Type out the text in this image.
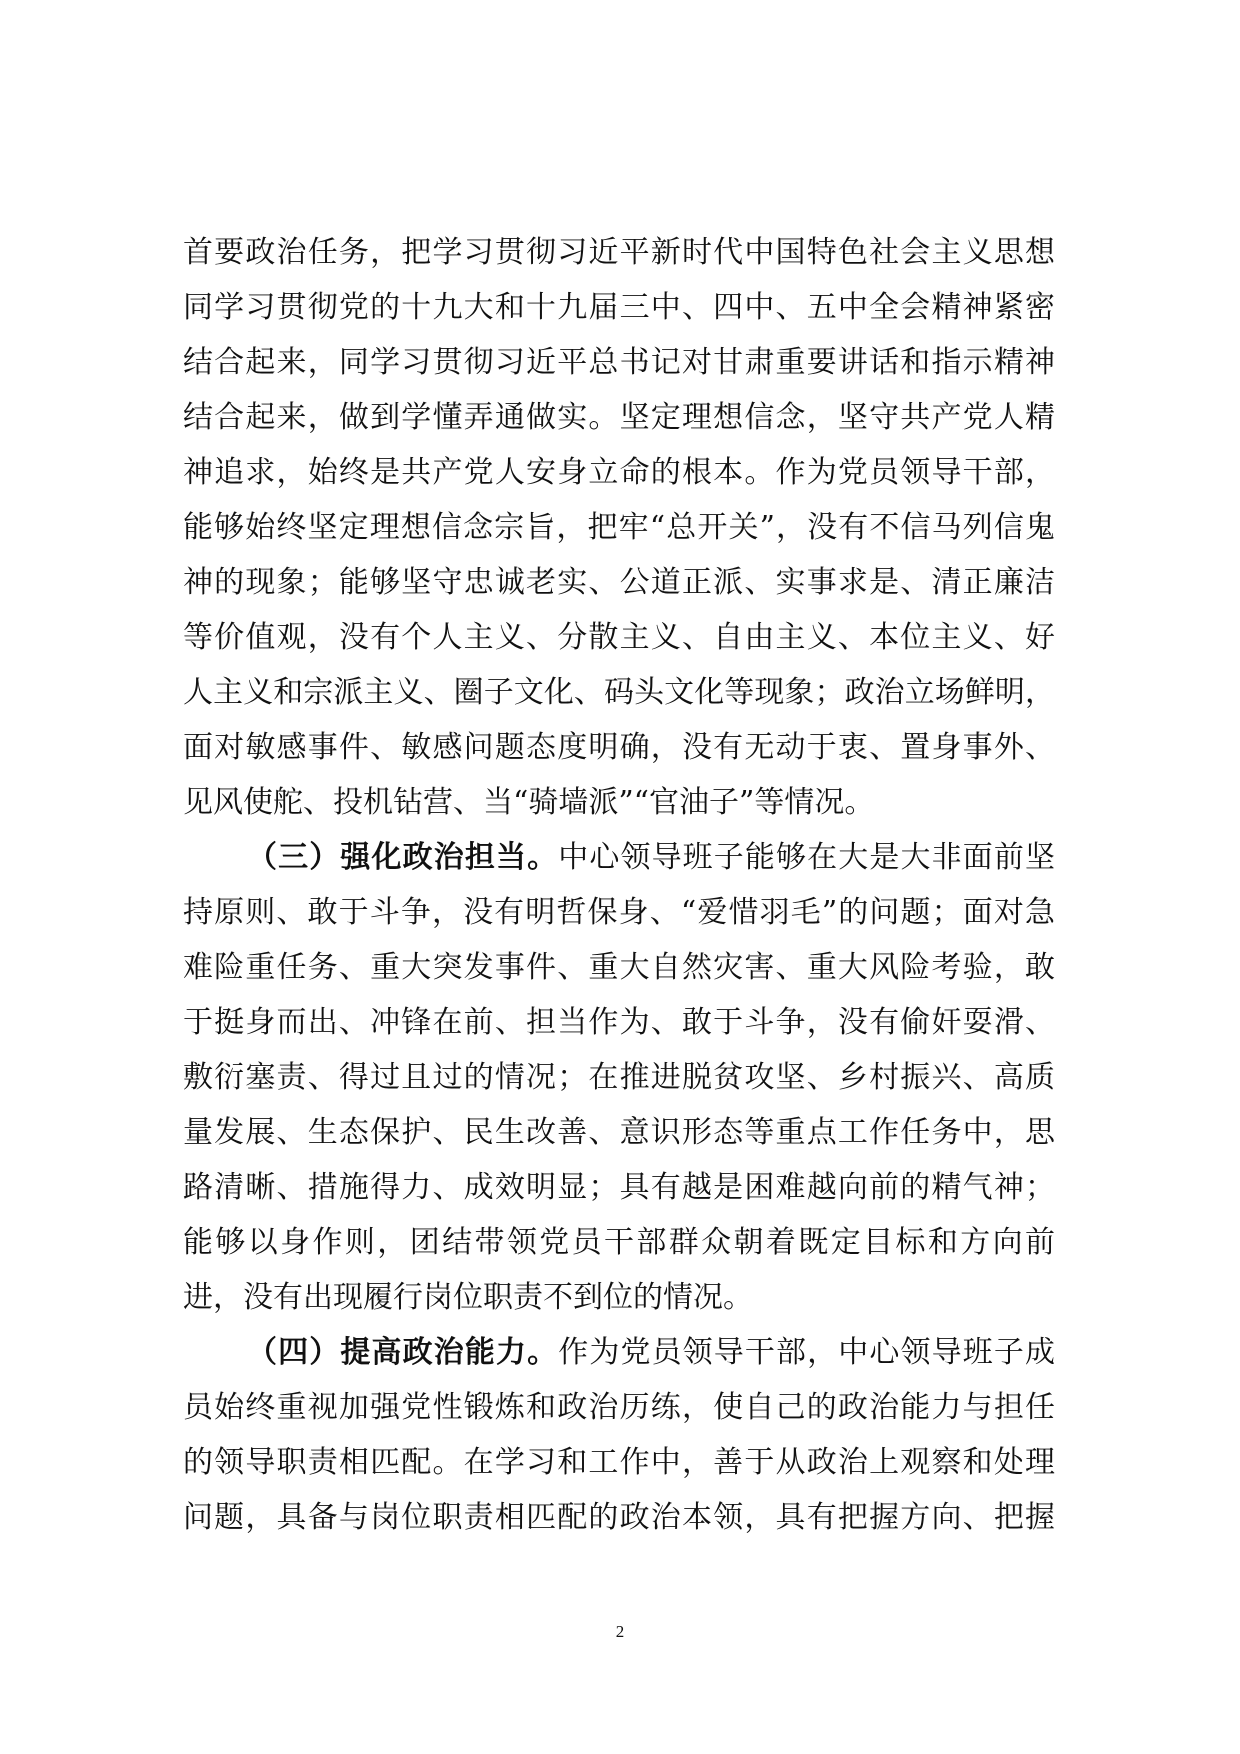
首要政治任务，把学习贯彻习近平新时代中国特色社会主义思想
同学习贯彻党的十九大和十九届三中、四中、五中全会精神紧密
结合起来，同学习贯彻习近平总书记对甘肃重要讲话和指示精神
结合起来，做到学懂弄通做实。坚定理想信念，坚守共产党人精
神追求，始终是共产党人安身立命的根本。作为党员领导干部，
能够始终坚定理想信念宗旨，把牢“总开关”，没有不信马列信鬼
神的现象；能够坚守忠诚老实、公道正派、实事求是、清正廉洁
等价值观，没有个人主义、分散主义、自由主义、本位主义、好
人主义和宗派主义、圈子文化、码头文化等现象；政治立场鲜明，
面对敏感事件、敏感问题态度明确，没有无动于衷、置身事外、
见风使舵、投机钻营、当“骑墙派”“官油子”等情况。
（三）强化政治担当。中心领导班子能够在大是大非面前坚
持原则、敢于斗争，没有明哲保身、“爱惜羽毛”的问题；面对急
难险重任务、重大突发事件、重大自然灾害、重大风险考验，敢
于挺身而出、冲锋在前、担当作为、敢于斗争，没有偷奸耍滑、
敷衍塞责、得过且过的情况；在推进脱贫攻坚、乡村振兴、高质
量发展、生态保护、民生改善、意识形态等重点工作任务中，思
路清晰、措施得力、成效明显；具有越是困难越向前的精气神；
能够以身作则，团结带领党员干部群众朝着既定目标和方向前
进，没有出现履行岗位职责不到位的情况。
（四）提高政治能力。作为党员领导干部，中心领导班子成
员始终重视加强党性锻炼和政治历练，使自己的政治能力与担任
的领导职责相匹配。在学习和工作中，善于从政治上观察和处理
问题，具备与岗位职责相匹配的政治本领，具有把握方向、把握
2
